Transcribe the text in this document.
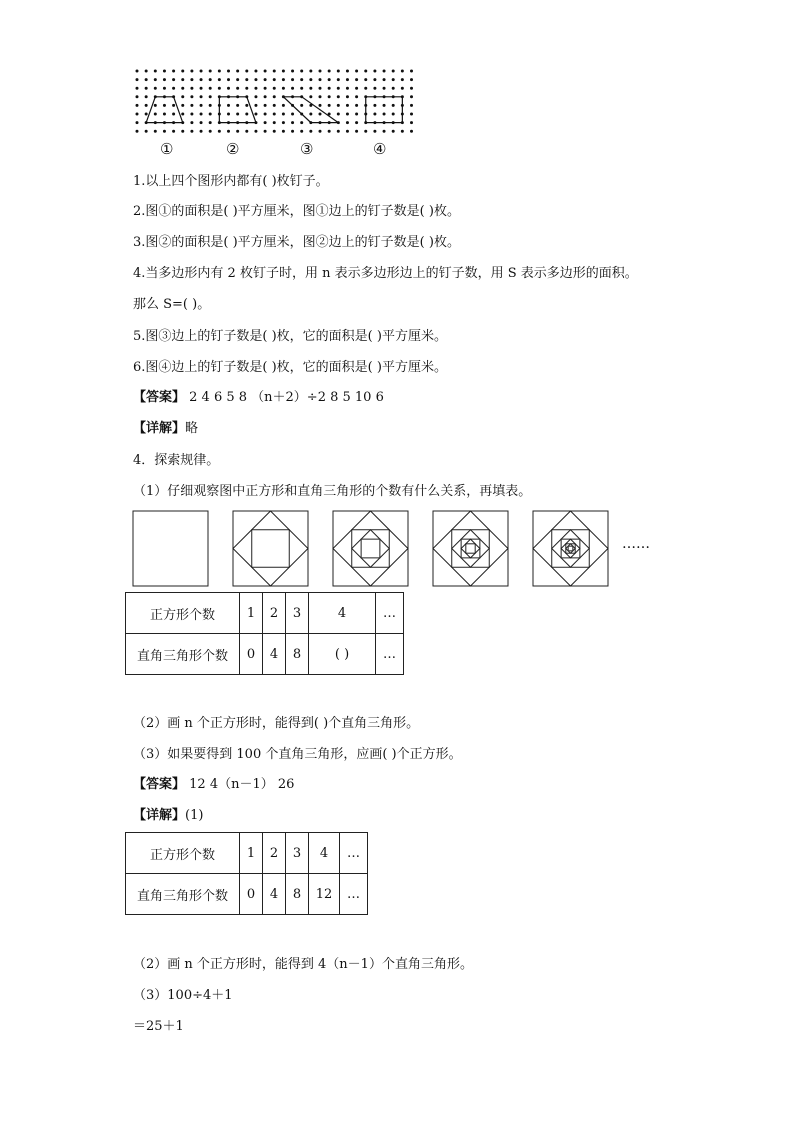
①	②	③	④
1.以上四个图形内都有( )枚钉子。
2.图①的面积是( )平方厘米，图①边上的钉子数是( )枚。
3.图②的面积是( )平方厘米，图②边上的钉子数是( )枚。
4.当多边形内有 2 枚钉子时，用 n 表示多边形边上的钉子数，用 S 表示多边形的面积。
那么 S=( )。
5.图③边上的钉子数是( )枚，它的面积是( )平方厘米。
6.图④边上的钉子数是( )枚，它的面积是( )平方厘米。
【答案】 2 4 6 5 8 （n＋2）÷2 8 5 10 6
【详解】略
4．探索规律。
（1）仔细观察图中正方形和直角三角形的个数有什么关系，再填表。
……
正方形个数	1	2	3	4	…
直角三角形个数	0	4	8	( )	…
（2）画 n 个正方形时，能得到( )个直角三角形。
（3）如果要得到 100 个直角三角形，应画( )个正方形。
【答案】 12 4（n－1） 26
【详解】(1)
正方形个数	1	2	3	4	…
直角三角形个数	0	4	8	12	…
（2）画 n 个正方形时，能得到 4（n－1）个直角三角形。
（3）100÷4＋1
＝25＋1
